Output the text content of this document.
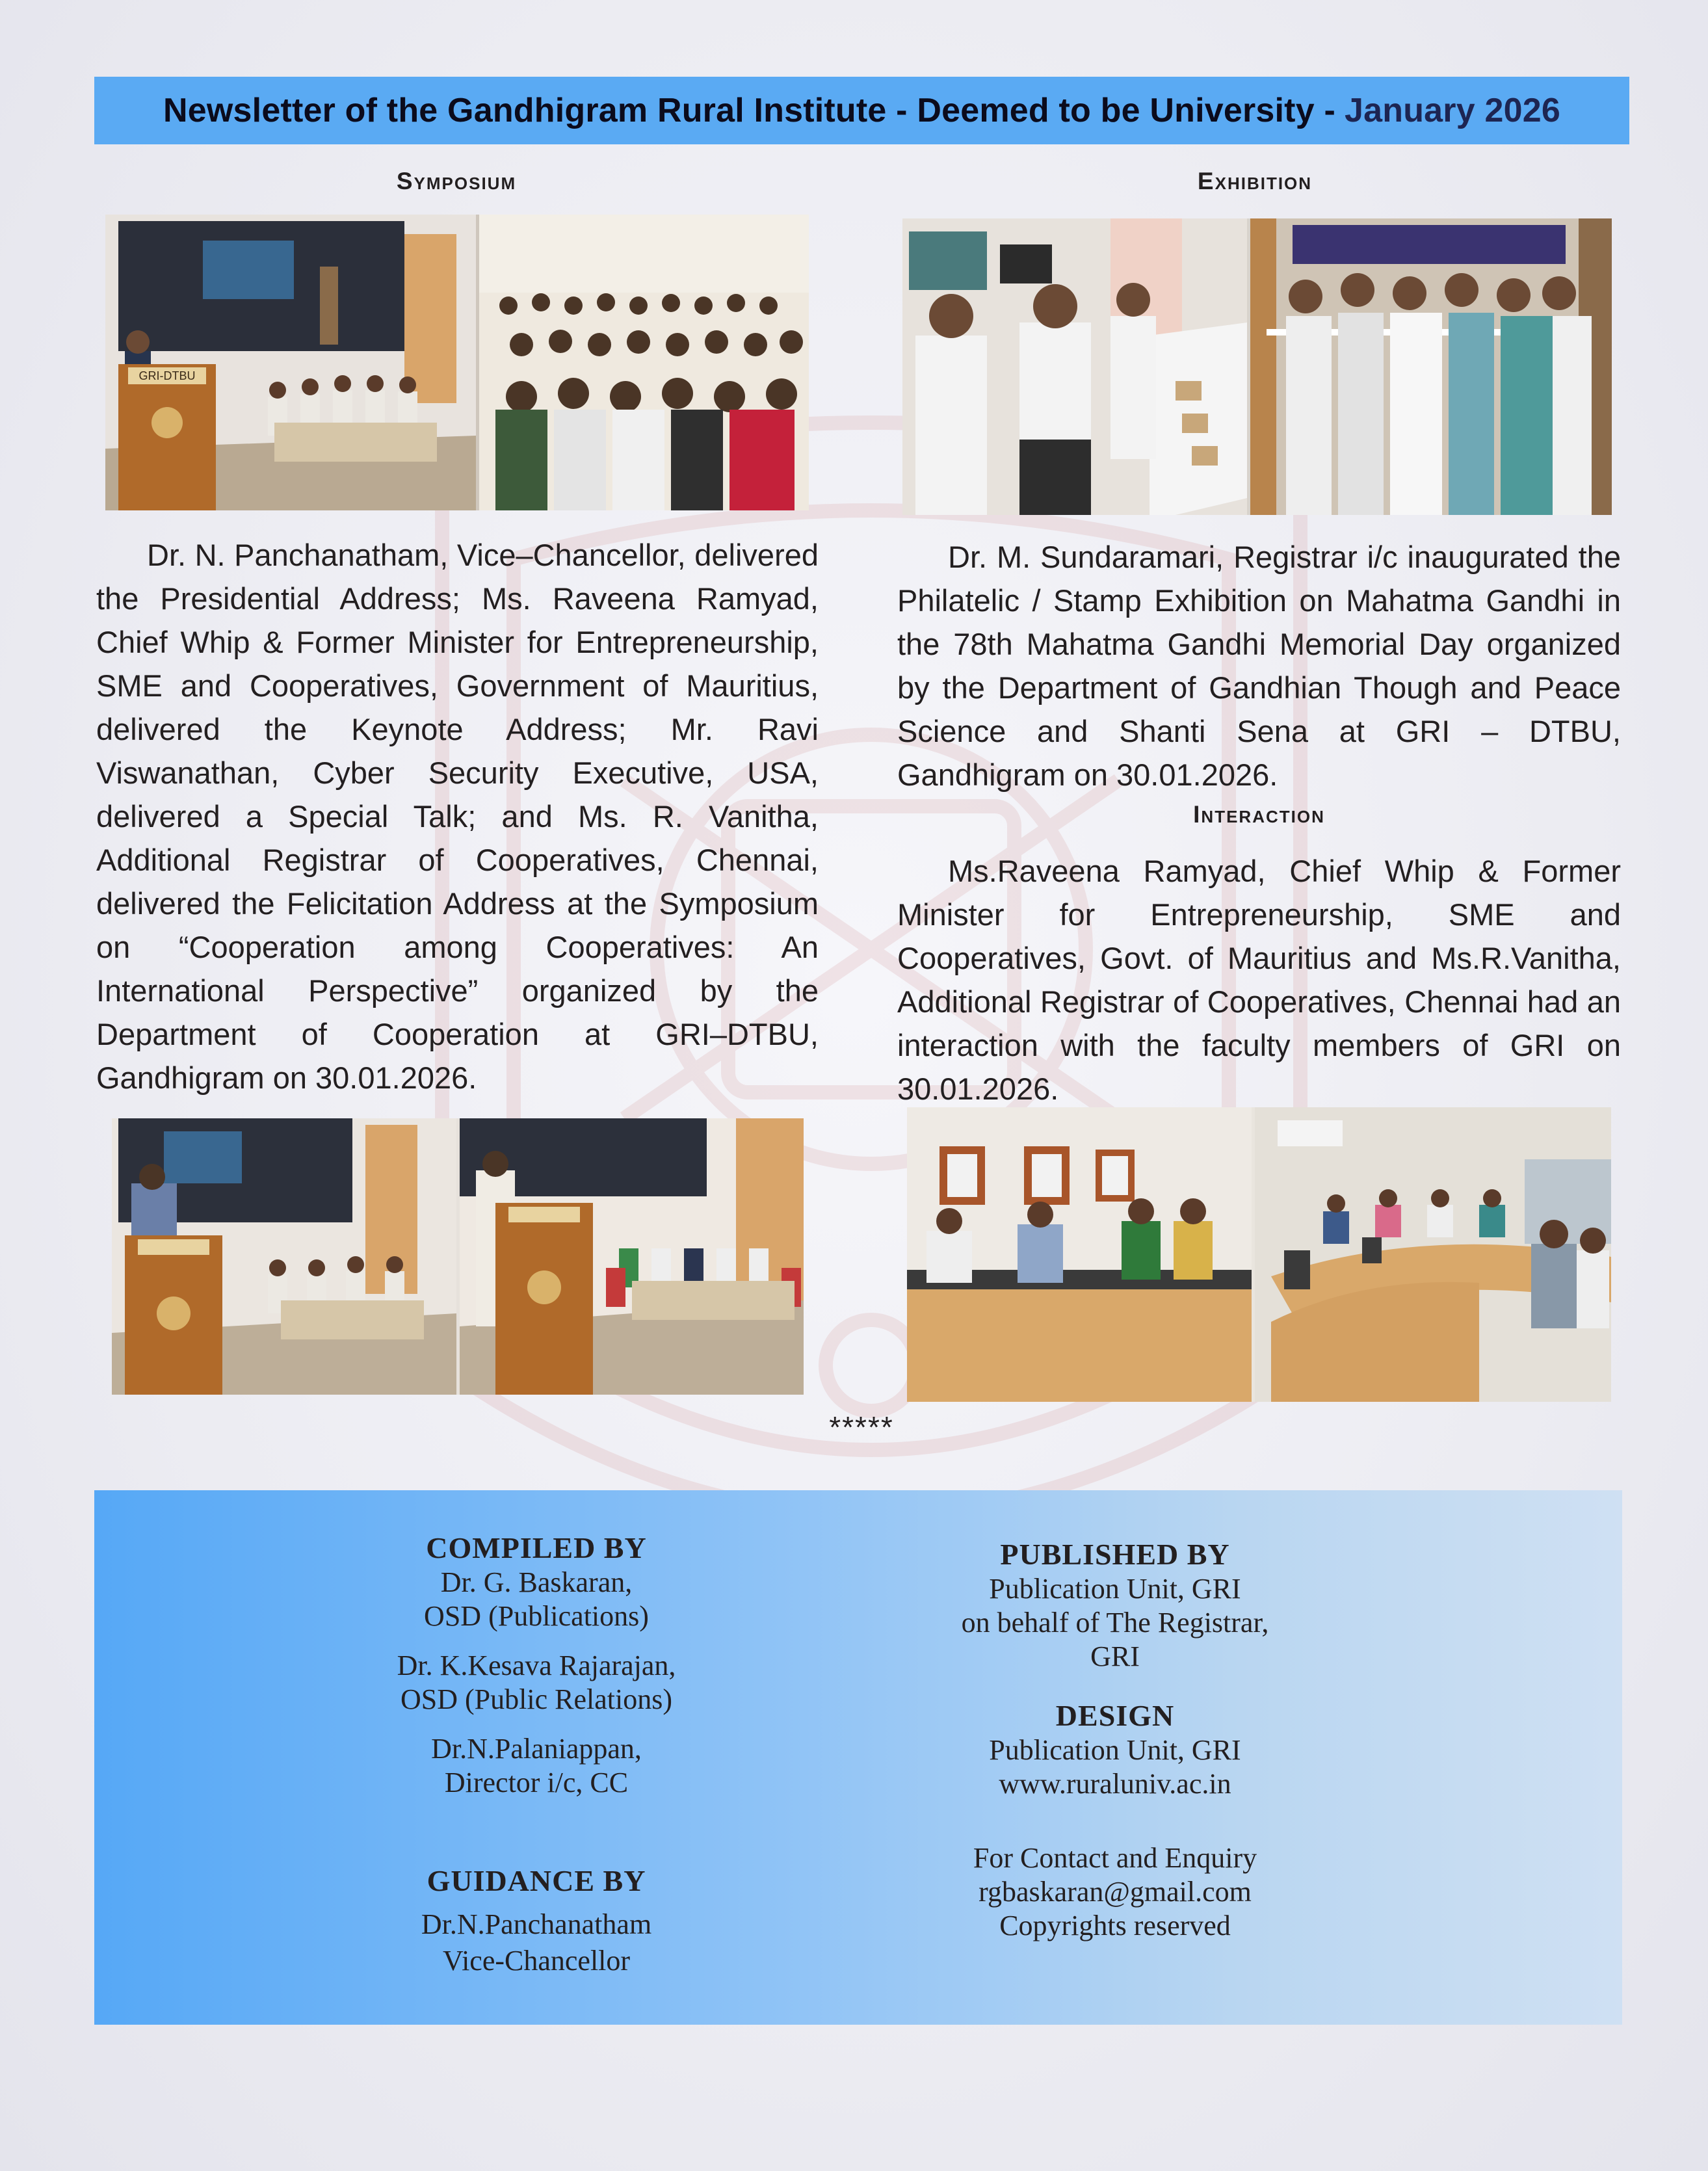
Newsletter of the Gandhigram Rural Institute - Deemed to be University - January 2026
Symposium	Exhibition
GRI-DTBU
Dr. N. Panchanatham, Vice–Chancellor, delivered the Presidential Address; Ms. Raveena Ramyad, Chief Whip & Former Minister for Entrepreneurship, SME and Cooperatives, Government of Mauritius, delivered the Keynote Address; Mr. Ravi Viswanathan, Cyber Security Executive, USA, delivered a Special Talk; and Ms. R. Vanitha, Additional Registrar of Cooperatives, Chennai, delivered the Felicitation Address at the Symposium on “Cooperation among Cooperatives: An International Perspective” organized by the Department of Cooperation at GRI–DTBU, Gandhigram on 30.01.2026.
Dr. M. Sundaramari, Registrar i/c inaugurated the Philatelic / Stamp Exhibition on Mahatma Gandhi in the 78th Mahatma Gandhi Memorial Day organized by the Department of Gandhian Though and Peace Science and Shanti Sena at GRI – DTBU, Gandhigram on 30.01.2026.
Interaction
Ms.Raveena Ramyad, Chief Whip & Former Minister for Entrepreneurship, SME and Cooperatives, Govt. of Mauritius and Ms.R.Vanitha, Additional Registrar of Cooperatives, Chennai had an interaction with the faculty members of GRI on 30.01.2026.
*****
COMPILED BY
Dr. G. Baskaran,
OSD (Publications)
Dr. K.Kesava Rajarajan,
OSD (Public Relations)
Dr.N.Palaniappan,
Director i/c, CC
GUIDANCE BY
Dr.N.Panchanatham
Vice-Chancellor
PUBLISHED BY
Publication Unit, GRI
on behalf of The Registrar,
GRI
DESIGN
Publication Unit, GRI
www.ruraluniv.ac.in
For Contact and Enquiry
rgbaskaran@gmail.com
Copyrights reserved
